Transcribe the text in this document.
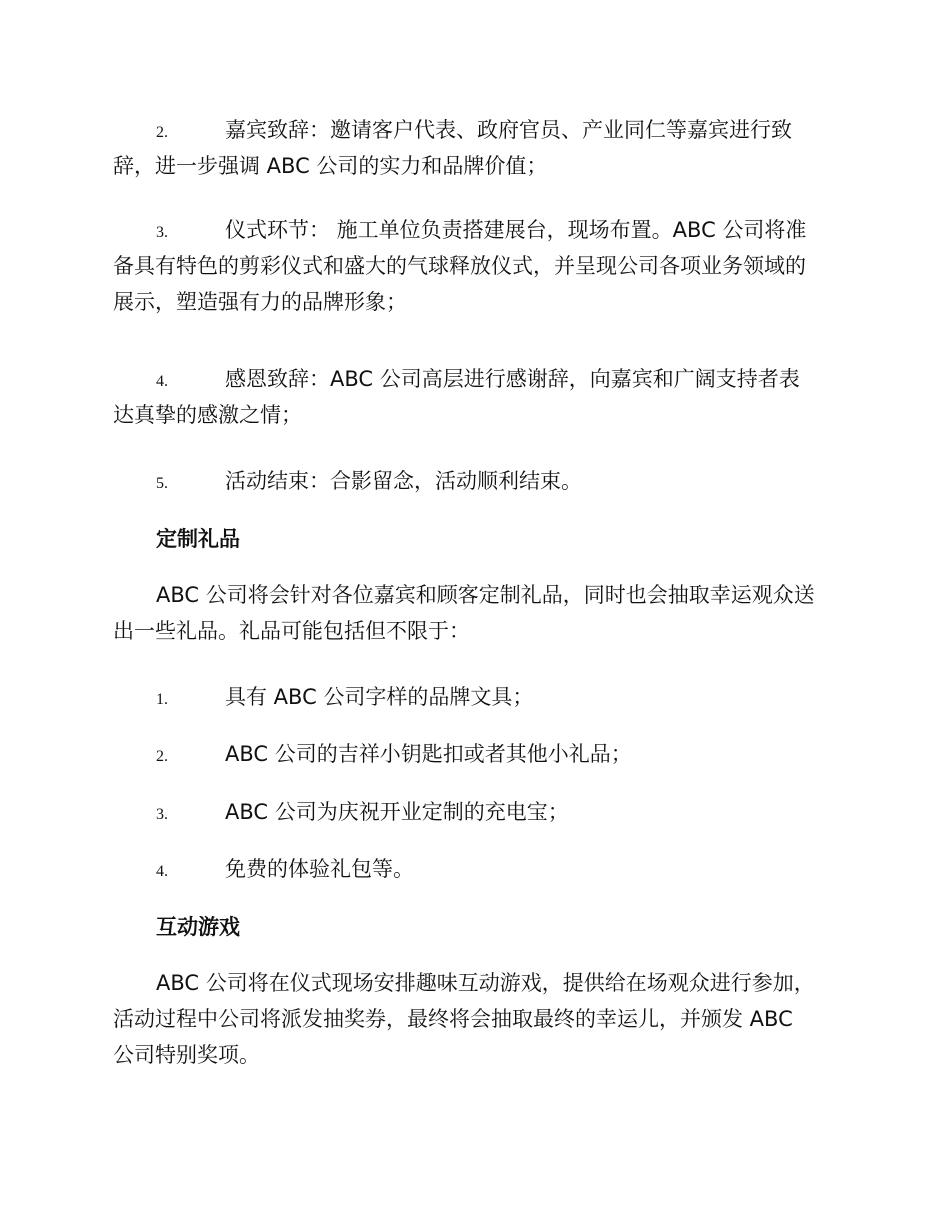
2.	嘉宾致辞：邀请客户代表、政府官员、产业同仁等嘉宾进行致
辞，进一步强调 ABC 公司的实力和品牌价值；
3.	仪式环节： 施工单位负责搭建展台，现场布置。ABC 公司将准
备具有特色的剪彩仪式和盛大的气球释放仪式，并呈现公司各项业务领域的
展示，塑造强有力的品牌形象；
4.	感恩致辞：ABC 公司高层进行感谢辞，向嘉宾和广阔支持者表
达真挚的感激之情；
5.	活动结束：合影留念，活动顺利结束。
定制礼品
ABC 公司将会针对各位嘉宾和顾客定制礼品，同时也会抽取幸运观众送
出一些礼品。礼品可能包括但不限于：
1.	具有 ABC 公司字样的品牌文具；
2.	ABC 公司的吉祥小钥匙扣或者其他小礼品；
3.	ABC 公司为庆祝开业定制的充电宝；
4.	免费的体验礼包等。
互动游戏
ABC 公司将在仪式现场安排趣味互动游戏，提供给在场观众进行参加，
活动过程中公司将派发抽奖券，最终将会抽取最终的幸运儿，并颁发 ABC
公司特别奖项。
